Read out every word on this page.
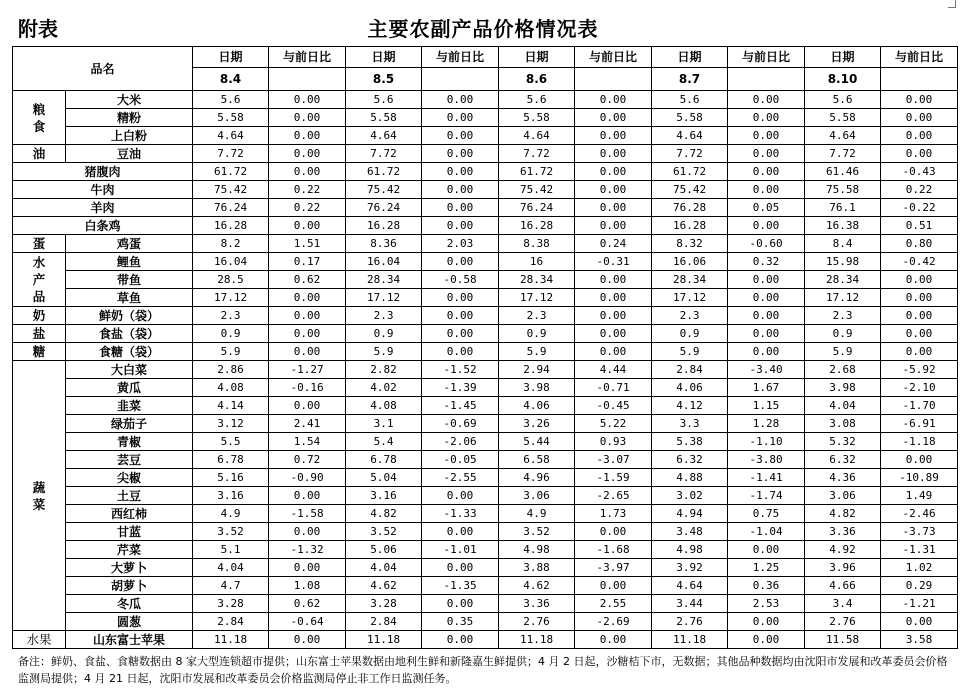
附表	主要农副产品价格情况表
品名		日期	与前日比	日期	与前日比	日期	与前日比	日期	与前日比	日期	与前日比
		8.4		8.5		8.6		8.7		8.10	
粮食	大米	5.6	0.00	5.6	0.00	5.6	0.00	5.6	0.00	5.6	0.00
	精粉	5.58	0.00	5.58	0.00	5.58	0.00	5.58	0.00	5.58	0.00
	上白粉	4.64	0.00	4.64	0.00	4.64	0.00	4.64	0.00	4.64	0.00
油	豆油	7.72	0.00	7.72	0.00	7.72	0.00	7.72	0.00	7.72	0.00
猪腹肉		61.72	0.00	61.72	0.00	61.72	0.00	61.72	0.00	61.46	-0.43
牛肉		75.42	0.22	75.42	0.00	75.42	0.00	75.42	0.00	75.58	0.22
羊肉		76.24	0.22	76.24	0.00	76.24	0.00	76.28	0.05	76.1	-0.22
白条鸡		16.28	0.00	16.28	0.00	16.28	0.00	16.28	0.00	16.38	0.51
蛋	鸡蛋	8.2	1.51	8.36	2.03	8.38	0.24	8.32	-0.60	8.4	0.80
水产品	鲤鱼	16.04	0.17	16.04	0.00	16	-0.31	16.06	0.32	15.98	-0.42
	带鱼	28.5	0.62	28.34	-0.58	28.34	0.00	28.34	0.00	28.34	0.00
	草鱼	17.12	0.00	17.12	0.00	17.12	0.00	17.12	0.00	17.12	0.00
奶	鲜奶（袋）	2.3	0.00	2.3	0.00	2.3	0.00	2.3	0.00	2.3	0.00
盐	食盐（袋）	0.9	0.00	0.9	0.00	0.9	0.00	0.9	0.00	0.9	0.00
糖	食糖（袋）	5.9	0.00	5.9	0.00	5.9	0.00	5.9	0.00	5.9	0.00
蔬菜	大白菜	2.86	-1.27	2.82	-1.52	2.94	4.44	2.84	-3.40	2.68	-5.92
	黄瓜	4.08	-0.16	4.02	-1.39	3.98	-0.71	4.06	1.67	3.98	-2.10
	韭菜	4.14	0.00	4.08	-1.45	4.06	-0.45	4.12	1.15	4.04	-1.70
	绿茄子	3.12	2.41	3.1	-0.69	3.26	5.22	3.3	1.28	3.08	-6.91
	青椒	5.5	1.54	5.4	-2.06	5.44	0.93	5.38	-1.10	5.32	-1.18
	芸豆	6.78	0.72	6.78	-0.05	6.58	-3.07	6.32	-3.80	6.32	0.00
	尖椒	5.16	-0.90	5.04	-2.55	4.96	-1.59	4.88	-1.41	4.36	-10.89
	土豆	3.16	0.00	3.16	0.00	3.06	-2.65	3.02	-1.74	3.06	1.49
	西红柿	4.9	-1.58	4.82	-1.33	4.9	1.73	4.94	0.75	4.82	-2.46
	甘蓝	3.52	0.00	3.52	0.00	3.52	0.00	3.48	-1.04	3.36	-3.73
	芹菜	5.1	-1.32	5.06	-1.01	4.98	-1.68	4.98	0.00	4.92	-1.31
	大萝卜	4.04	0.00	4.04	0.00	3.88	-3.97	3.92	1.25	3.96	1.02
	胡萝卜	4.7	1.08	4.62	-1.35	4.62	0.00	4.64	0.36	4.66	0.29
	冬瓜	3.28	0.62	3.28	0.00	3.36	2.55	3.44	2.53	3.4	-1.21
	圆葱	2.84	-0.64	2.84	0.35	2.76	-2.69	2.76	0.00	2.76	0.00
水果	山东富士苹果	11.18	0.00	11.18	0.00	11.18	0.00	11.18	0.00	11.58	3.58
备注：鲜奶、食盐、食糖数据由 8 家大型连锁超市提供；山东富士苹果数据由地利生鲜和新隆嘉生鲜提供；4 月 2 日起，沙糖桔下市，无数据；其他品种数据均由沈阳市发展和改革委员会价格监测局提供；4 月 21 日起，沈阳市发展和改革委员会价格监测局停止非工作日监测任务。
